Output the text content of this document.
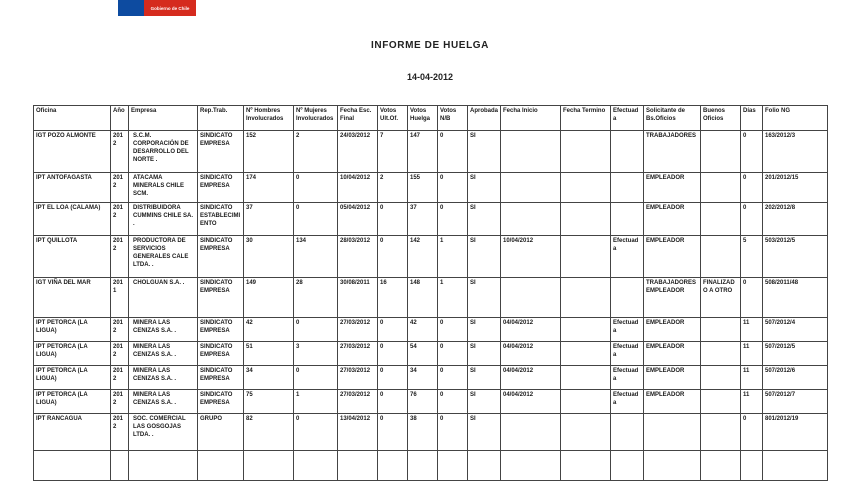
Gobierno de Chile
INFORME DE HUELGA
14-04-2012
Oficina	Año	Empresa	Rep.Trab.	Nº Hombres Involucrados	Nº Mujeres Involucrados	Fecha Esc. Final	Votos Ult.Of.	Votos Huelga	Votos N/B	Aprobada	Fecha Inicio	Fecha Termino	Efectuada	Solicitante de Bs.Oficios	Buenos Oficios	Días	Folio NG
IGT POZO ALMONTE	2012	S.C.M. CORPORACIÓN DE DESARROLLO DEL NORTE .	SINDICATO EMPRESA	152	2	24/03/2012	7	147	0	SI				TRABAJADORES		0	163/2012/3
IPT ANTOFAGASTA	2012	ATACAMA MINERALS CHILE SCM.	SINDICATO EMPRESA	174	0	10/04/2012	2	155	0	SI				EMPLEADOR		0	201/2012/15
IPT EL LOA (CALAMA)	2012	DISTRIBUIDORA CUMMINS CHILE SA. .	SINDICATO ESTABLECIMIENTO	37	0	05/04/2012	0	37	0	SI				EMPLEADOR		0	202/2012/8
IPT QUILLOTA	2012	PRODUCTORA DE SERVICIOS GENERALES CALE LTDA. .	SINDICATO EMPRESA	30	134	28/03/2012	0	142	1	SI	10/04/2012		Efectuada	EMPLEADOR		5	503/2012/5
IGT VIÑA DEL MAR	2011	CHOLGUAN S.A. .	SINDICATO EMPRESA	149	28	30/08/2011	16	148	1	SI				TRABAJADORES EMPLEADOR	FINALIZADO A OTRO	0	508/2011/48
IPT PETORCA (LA LIGUA)	2012	MINERA LAS CENIZAS S.A. .	SINDICATO EMPRESA	42	0	27/03/2012	0	42	0	SI	04/04/2012		Efectuada	EMPLEADOR		11	507/2012/4
IPT PETORCA (LA LIGUA)	2012	MINERA LAS CENIZAS S.A. .	SINDICATO EMPRESA	51	3	27/03/2012	0	54	0	SI	04/04/2012		Efectuada	EMPLEADOR		11	507/2012/5
IPT PETORCA (LA LIGUA)	2012	MINERA LAS CENIZAS S.A. .	SINDICATO EMPRESA	34	0	27/03/2012	0	34	0	SI	04/04/2012		Efectuada	EMPLEADOR		11	507/2012/6
IPT PETORCA (LA LIGUA)	2012	MINERA LAS CENIZAS S.A. .	SINDICATO EMPRESA	75	1	27/03/2012	0	76	0	SI	04/04/2012		Efectuada	EMPLEADOR		11	507/2012/7
IPT RANCAGUA	2012	SOC. COMERCIAL LAS GOSGOJAS LTDA. .	GRUPO	82	0	13/04/2012	0	38	0	SI						0	801/2012/19
